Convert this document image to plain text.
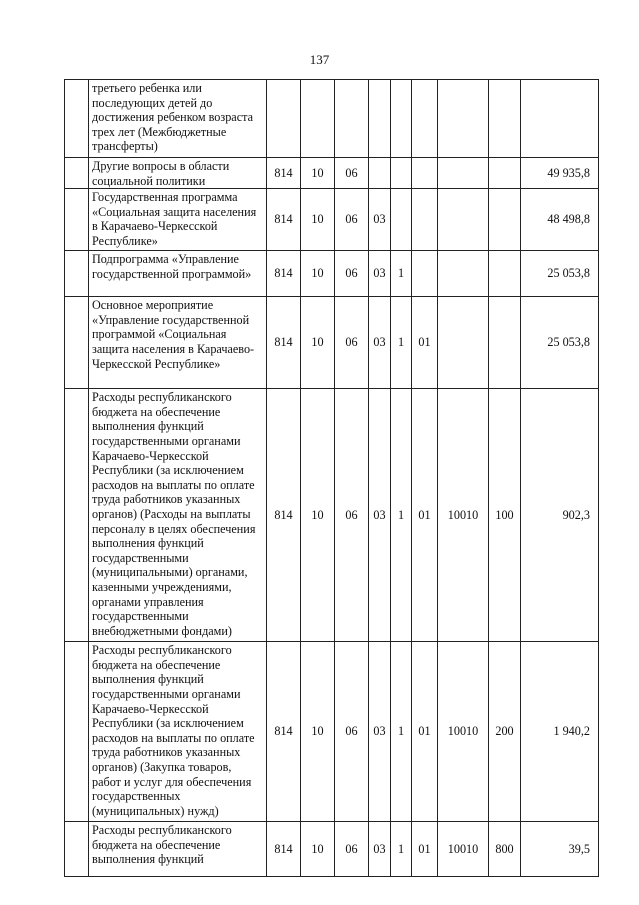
137
	третьего ребенка или последующих детей до достижения ребенком возраста трех лет (Межбюджетные трансферты)									
	Другие вопросы в области социальной политики	814	10	06						49 935,8
	Государственная программа «Социальная защита населения в Карачаево-Черкесской Республике»	814	10	06	03					48 498,8
	Подпрограмма «Управление государственной программой»	814	10	06	03	1				25 053,8
	Основное мероприятие «Управление государственной программой «Социальная защита населения в Карачаево-Черкесской Республике»	814	10	06	03	1	01			25 053,8
	Расходы республиканского бюджета на обеспечение выполнения функций государственными органами Карачаево-Черкесской Республики (за исключением расходов на выплаты по оплате труда работников указанных органов) (Расходы на выплаты персоналу в целях обеспечения выполнения функций государственными (муниципальными) органами, казенными учреждениями, органами управления государственными внебюджетными фондами)	814	10	06	03	1	01	10010	100	902,3
	Расходы республиканского бюджета на обеспечение выполнения функций государственными органами Карачаево-Черкесской Республики (за исключением расходов на выплаты по оплате труда работников указанных органов) (Закупка товаров, работ и услуг для обеспечения государственных (муниципальных) нужд)	814	10	06	03	1	01	10010	200	1 940,2
	Расходы республиканского бюджета на обеспечение выполнения функций	814	10	06	03	1	01	10010	800	39,5
